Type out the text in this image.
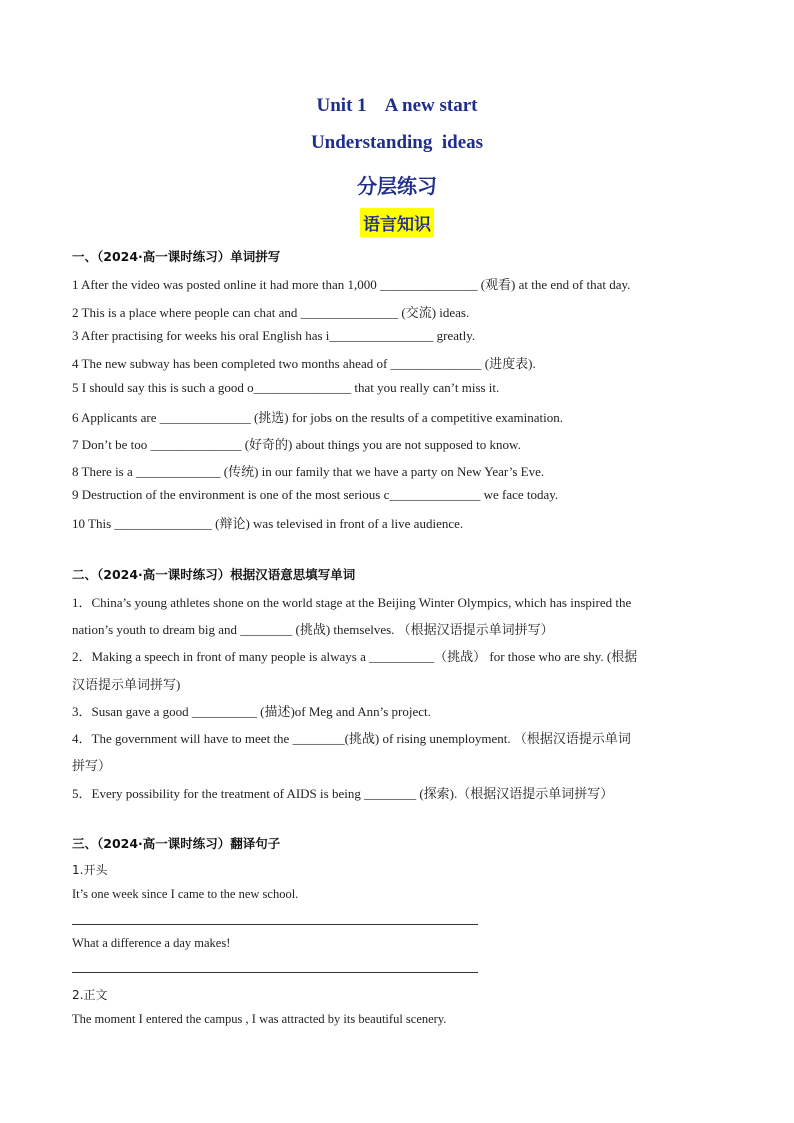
Unit 1    A new start
Understanding  ideas
分层练习
语言知识
一、（2024·高一课时练习）单词拼写
1 After the video was posted online it had more than 1,000 _______________ (观看) at the end of that day.
2 This is a place where people can chat and _______________ (交流) ideas.
3 After practising for weeks his oral English has i________________ greatly.
4 The new subway has been completed two months ahead of ______________ (进度表).
5 I should say this is such a good o_______________ that you really can’t miss it.
6 Applicants are ______________ (挑选) for jobs on the results of a competitive examination.
7 Don’t be too ______________ (好奇的) about things you are not supposed to know.
8 There is a _____________ (传统) in our family that we have a party on New Year’s Eve.
9 Destruction of the environment is one of the most serious c______________ we face today.
10 This _______________ (辩论) was televised in front of a live audience.
二、（2024·高一课时练习）根据汉语意思填写单词
1．China’s young athletes shone on the world stage at the Beijing Winter Olympics, which has inspired the
nation’s youth to dream big and ________ (挑战) themselves. （根据汉语提示单词拼写）
2．Making a speech in front of many people is always a __________（挑战） for those who are shy. (根据
汉语提示单词拼写)
3．Susan gave a good __________ (描述)of Meg and Ann’s project.
4．The government will have to meet the ________(挑战) of rising unemployment. （根据汉语提示单词
拼写）
5．Every possibility for the treatment of AIDS is being ________ (探索).（根据汉语提示单词拼写）
三、（2024·高一课时练习）翻译句子
1.开头
It’s one week since I came to the new school.
What a difference a day makes!
2.正文
The moment I entered the campus , I was attracted by its beautiful scenery.
